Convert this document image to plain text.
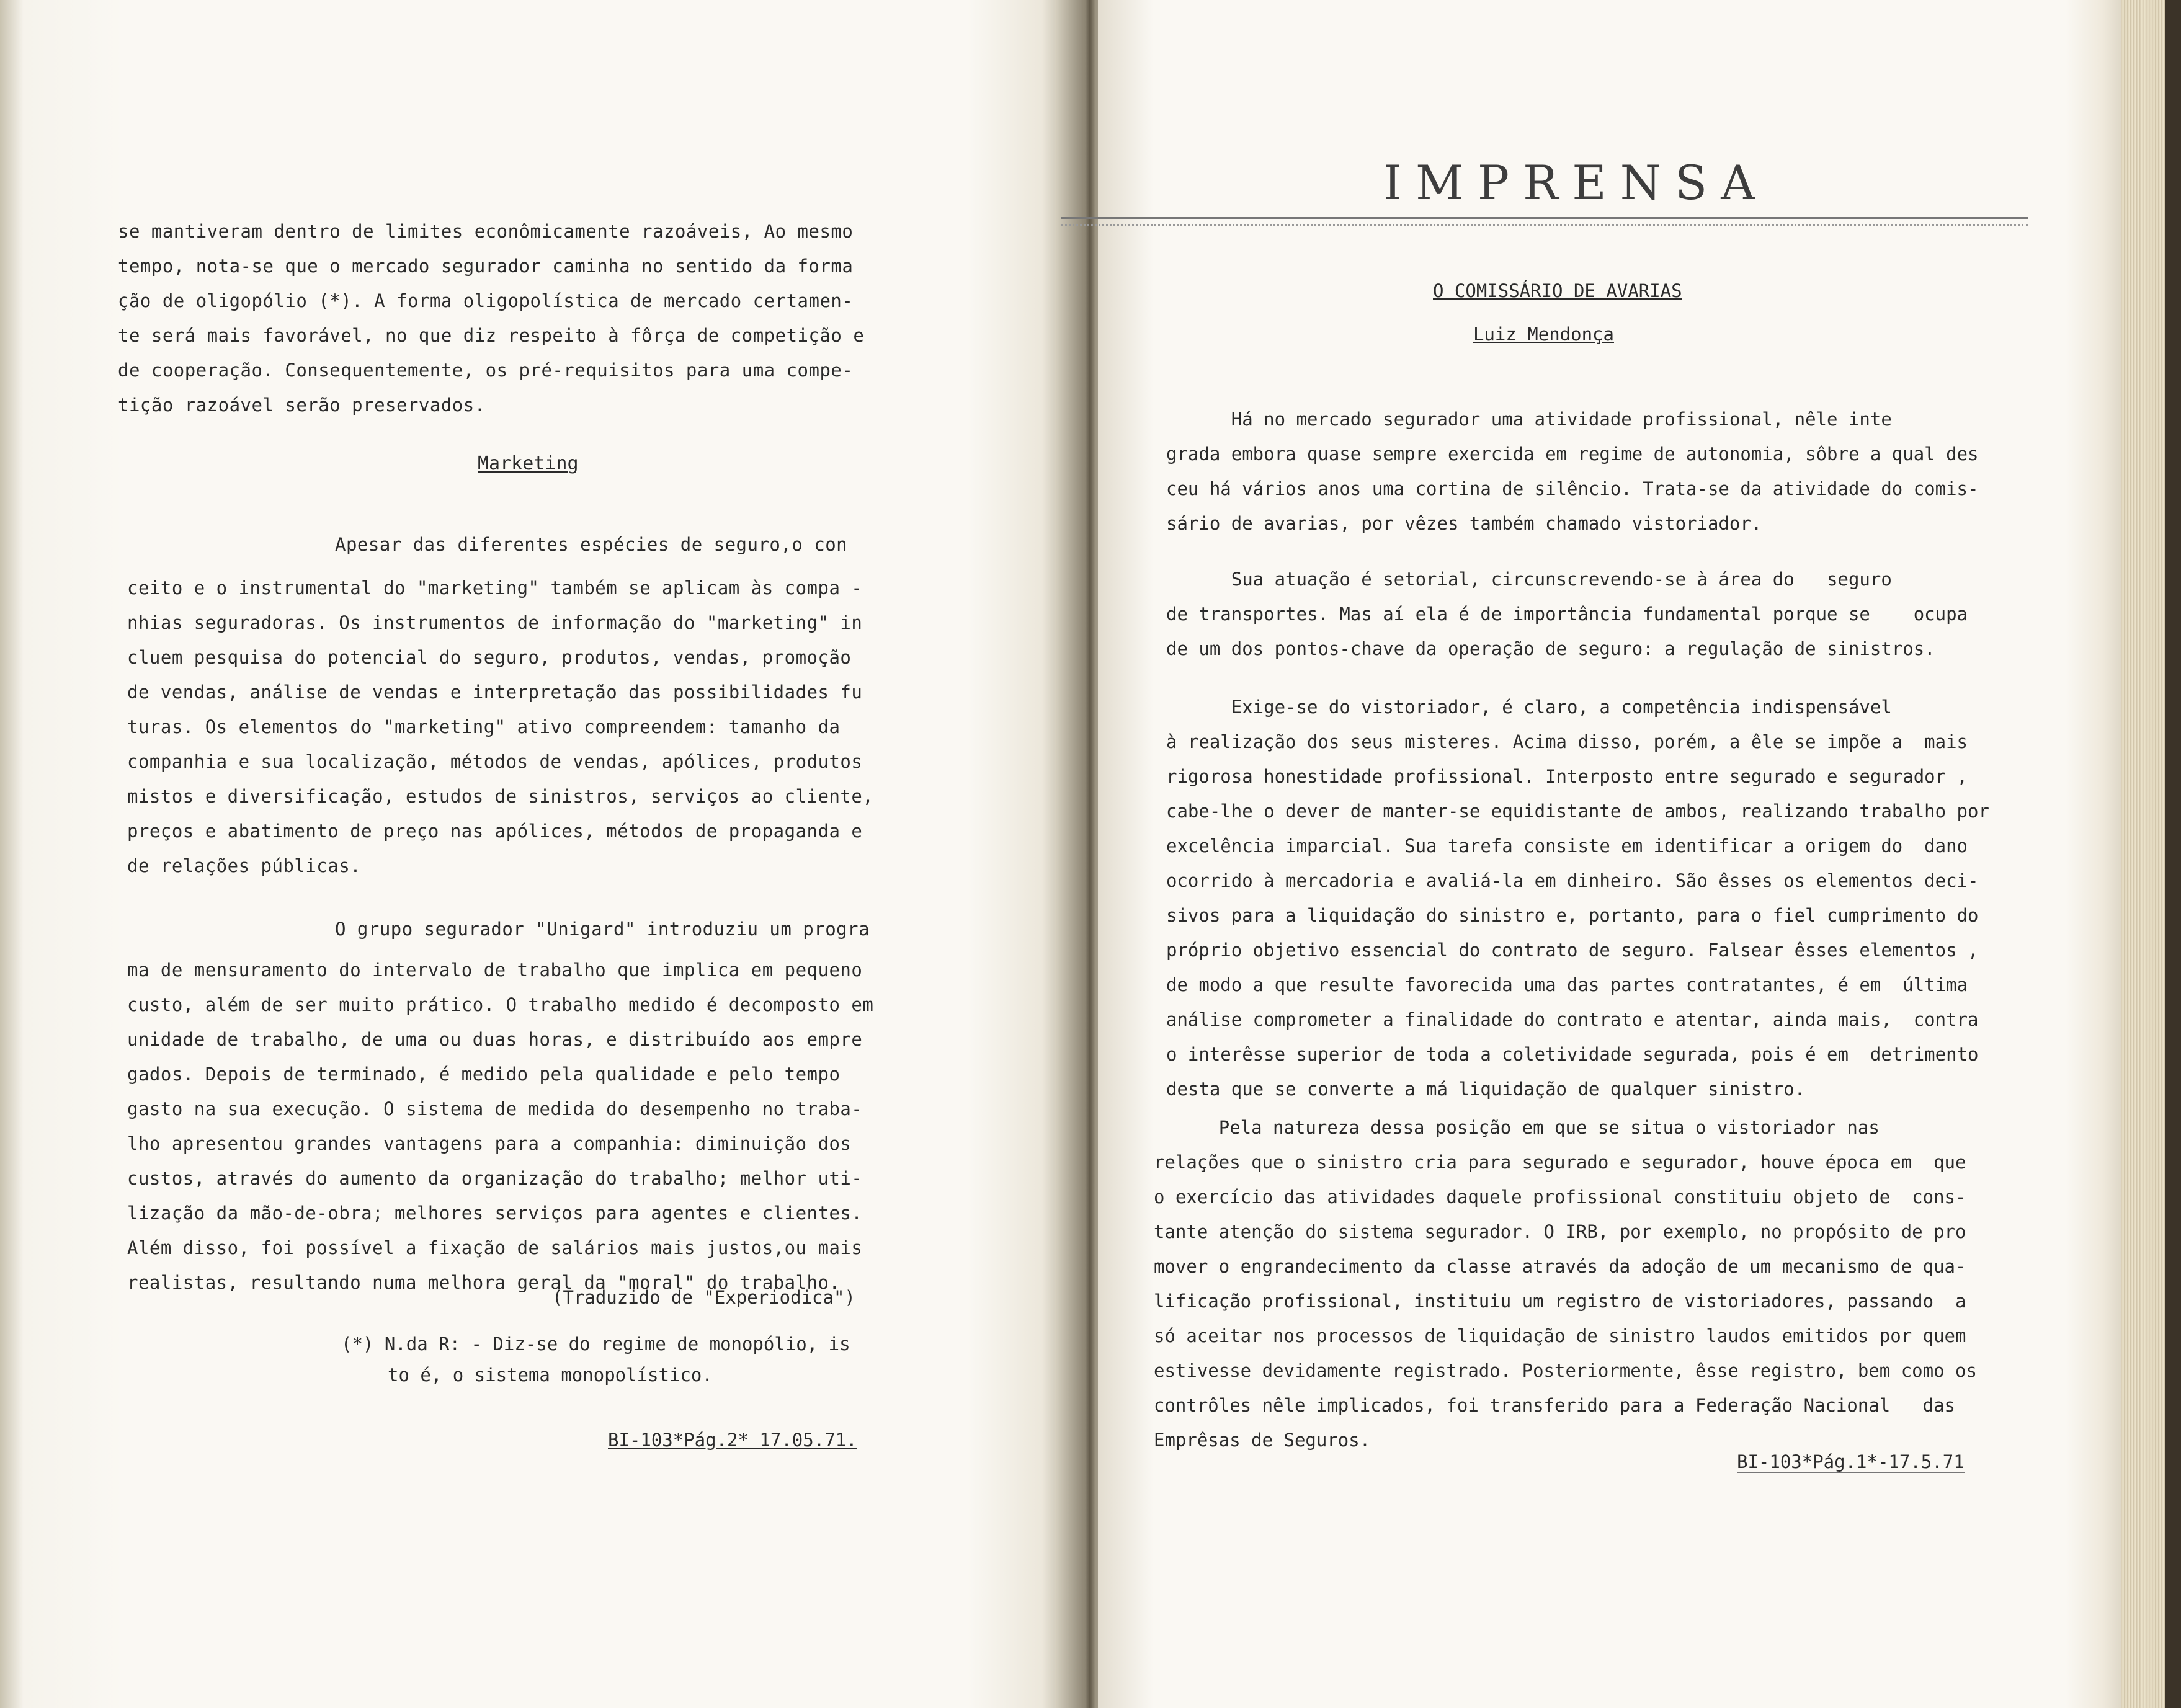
se mantiveram dentro de limites econômicamente razoáveis, Ao mesmo

tempo, nota-se que o mercado segurador caminha no sentido da forma

ção de oligopólio (*). A forma oligopolística de mercado certamen-

te será mais favorável, no que diz respeito à fôrça de competição e

de cooperação. Consequentemente, os pré-requisitos para uma compe-

tição razoável serão preservados.

Marketing

Apesar das diferentes espécies de seguro,o con

ceito e o instrumental do "marketing" também se aplicam às compa -

nhias seguradoras. Os instrumentos de informação do "marketing" in

cluem pesquisa do potencial do seguro, produtos, vendas, promoção

de vendas, análise de vendas e interpretação das possibilidades fu

turas. Os elementos do "marketing" ativo compreendem: tamanho da

companhia e sua localização, métodos de vendas, apólices, produtos

mistos e diversificação, estudos de sinistros, serviços ao cliente,

preços e abatimento de preço nas apólices, métodos de propaganda e

de relações públicas.

O grupo segurador "Unigard" introduziu um progra

ma de mensuramento do intervalo de trabalho que implica em pequeno

custo, além de ser muito prático. O trabalho medido é decomposto em

unidade de trabalho, de uma ou duas horas, e distribuído aos empre

gados. Depois de terminado, é medido pela qualidade e pelo tempo

gasto na sua execução. O sistema de medida do desempenho no traba-

lho apresentou grandes vantagens para a companhia: diminuição dos

custos, através do aumento da organização do trabalho; melhor uti-

lização da mão-de-obra; melhores serviços para agentes e clientes.

Além disso, foi possível a fixação de salários mais justos,ou mais

realistas, resultando numa melhora geral da "moral" do trabalho.

(Traduzido de "Experiodica")
(*) N.da R: - Diz-se do regime de monopólio, is
to é, o sistema monopolístico.
BI-103*Pág.2* 17.05.71.
IMPRENSA
O COMISSÁRIO DE AVARIAS
Luiz Mendonça

Há no mercado segurador uma atividade profissional, nêle inte

grada embora quase sempre exercida em regime de autonomia, sôbre a qual des

ceu há vários anos uma cortina de silêncio. Trata-se da atividade do comis-

sário de avarias, por vêzes também chamado vistoriador.

Sua atuação é setorial, circunscrevendo-se à área do   seguro

de transportes. Mas aí ela é de importância fundamental porque se    ocupa

de um dos pontos-chave da operação de seguro: a regulação de sinistros.

Exige-se do vistoriador, é claro, a competência indispensável

à realização dos seus misteres. Acima disso, porém, a êle se impõe a  mais

rigorosa honestidade profissional. Interposto entre segurado e segurador ,

cabe-lhe o dever de manter-se equidistante de ambos, realizando trabalho por

excelência imparcial. Sua tarefa consiste em identificar a origem do  dano

ocorrido à mercadoria e avaliá-la em dinheiro. São êsses os elementos deci-

sivos para a liquidação do sinistro e, portanto, para o fiel cumprimento do

próprio objetivo essencial do contrato de seguro. Falsear êsses elementos ,

de modo a que resulte favorecida uma das partes contratantes, é em  última

análise comprometer a finalidade do contrato e atentar, ainda mais,  contra

o interêsse superior de toda a coletividade segurada, pois é em  detrimento

desta que se converte a má liquidação de qualquer sinistro.

Pela natureza dessa posição em que se situa o vistoriador nas

relações que o sinistro cria para segurado e segurador, houve época em  que

o exercício das atividades daquele profissional constituiu objeto de  cons-

tante atenção do sistema segurador. O IRB, por exemplo, no propósito de pro

mover o engrandecimento da classe através da adoção de um mecanismo de qua-

lificação profissional, instituiu um registro de vistoriadores, passando  a

só aceitar nos processos de liquidação de sinistro laudos emitidos por quem

estivesse devidamente registrado. Posteriormente, êsse registro, bem como os

contrôles nêle implicados, foi transferido para a Federação Nacional   das

Emprêsas de Seguros.

BI-103*Pág.1*-17.5.71
